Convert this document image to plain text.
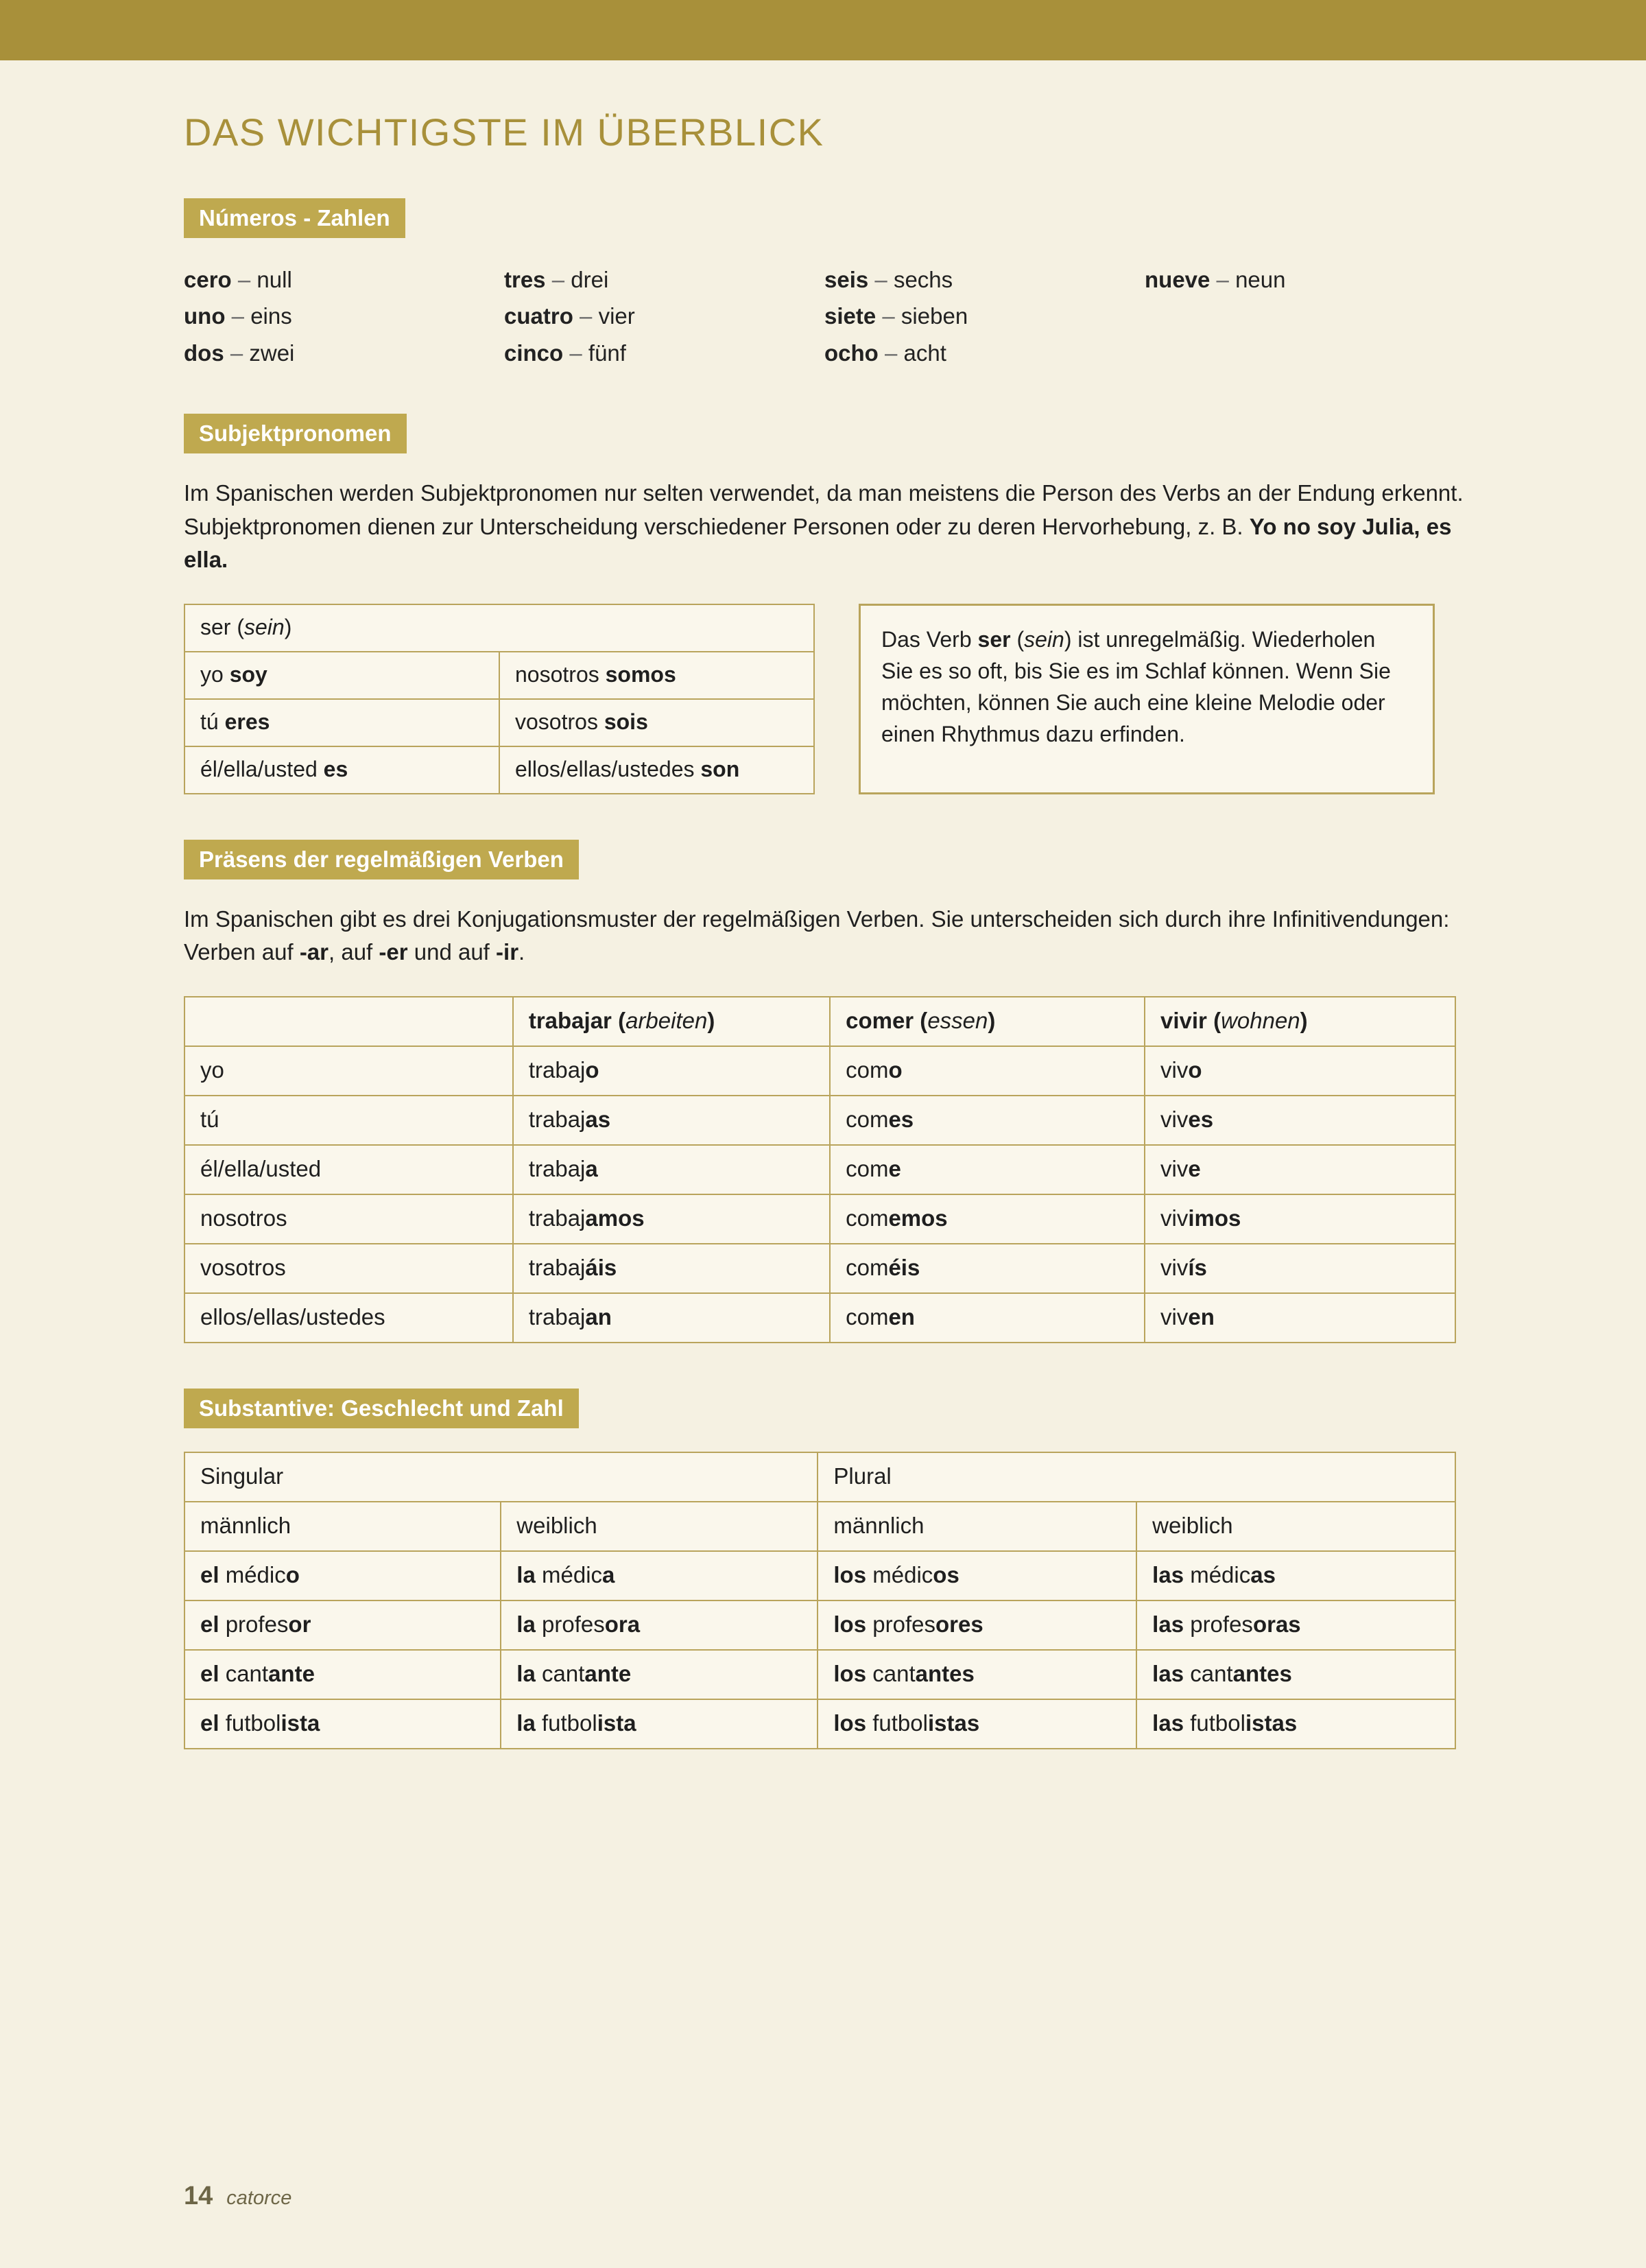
DAS WICHTIGSTE IM ÜBERBLICK
Números - Zahlen
cero – null
uno – eins
dos – zwei
tres – drei
cuatro – vier
cinco – fünf
seis – sechs
siete – sieben
ocho – acht
nueve – neun
Subjektpronomen

Im Spanischen werden Subjektpronomen nur selten verwendet, da man meistens die Person des Verbs an der Endung erkennt. Subjektpronomen dienen zur Unterscheidung verschiedener Personen oder zu deren Hervorhebung, z. B. Yo no soy Julia, es ella.

ser (sein)	
yo soy	nosotros somos
tú eres	vosotros sois
él/ella/usted es	ellos/ellas/ustedes son
Das Verb ser (sein) ist unregelmäßig. Wiederholen Sie es so oft, bis Sie es im Schlaf können. Wenn Sie möchten, können Sie auch eine kleine Melodie oder einen Rhythmus dazu erfinden.
Präsens der regelmäßigen Verben

Im Spanischen gibt es drei Konjugationsmuster der regelmäßigen Verben. Sie unterscheiden sich durch ihre Infinitivendungen: Verben auf -ar, auf -er und auf -ir.

	trabajar (arbeiten)	comer (essen)	vivir (wohnen)
yo	trabajo	como	vivo
tú	trabajas	comes	vives
él/ella/usted	trabaja	come	vive
nosotros	trabajamos	comemos	vivimos
vosotros	trabajáis	coméis	vivís
ellos/ellas/ustedes	trabajan	comen	viven
Substantive: Geschlecht und Zahl
Singular		Plural	
männlich	weiblich	männlich	weiblich
el médico	la médica	los médicos	las médicas
el profesor	la profesora	los profesores	las profesoras
el cantante	la cantante	los cantantes	las cantantes
el futbolista	la futbolista	los futbolistas	las futbolistas
14 catorce
